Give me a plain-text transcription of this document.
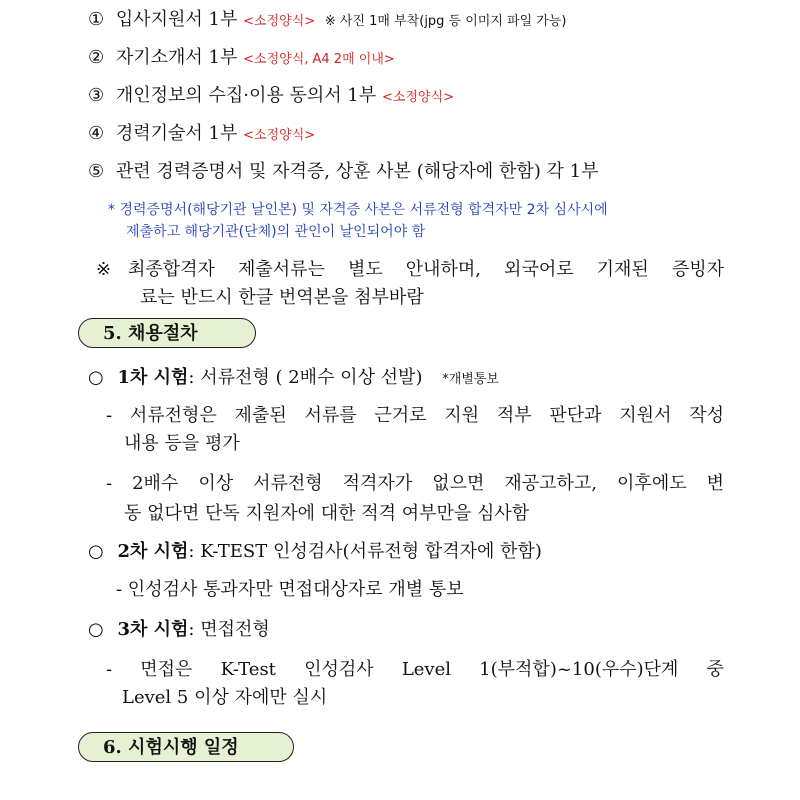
① 입사지원서 1부 <소정양식> ※ 사진 1매 부착(jpg 등 이미지 파일 가능)
② 자기소개서 1부 <소정양식, A4 2매 이내>
③ 개인정보의 수집·이용 동의서 1부 <소정양식>
④ 경력기술서 1부 <소정양식>
⑤ 관련 경력증명서 및 자격증, 상훈 사본 (해당자에 한함) 각 1부
* 경력증명서(해당기관 날인본) 및 자격증 사본은 서류전형 합격자만 2차 심사시에
제출하고 해당기관(단체)의 관인이 날인되어야 함
※ 최종합격자 제출서류는 별도 안내하며, 외국어로 기재된 증빙자
료는 반드시 한글 번역본을 첨부바람
5. 채용절차
○ 1차 시험: 서류전형 ( 2배수 이상 선발) *개별통보
- 서류전형은 제출된 서류를 근거로 지원 적부 판단과 지원서 작성
내용 등을 평가
- 2배수 이상 서류전형 적격자가 없으면 재공고하고, 이후에도 변
동 없다면 단독 지원자에 대한 적격 여부만을 심사함
○ 2차 시험: K-TEST 인성검사(서류전형 합격자에 한함)
- 인성검사 통과자만 면접대상자로 개별 통보
○ 3차 시험: 면접전형
- 면접은 K-Test 인성검사 Level 1(부적합)~10(우수)단계 중
Level 5 이상 자에만 실시
6. 시험시행 일정
